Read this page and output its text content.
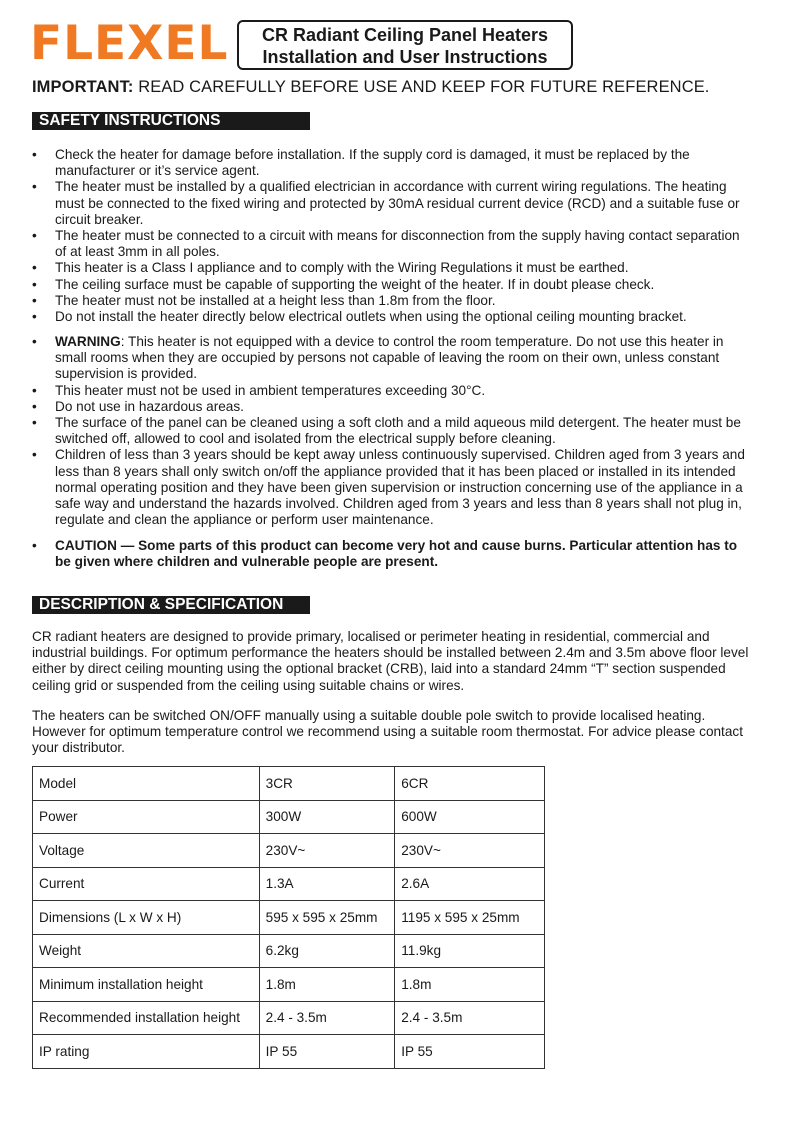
FLEXEL	CR Radiant Ceiling Panel Heaters
Installation and User Instructions
IMPORTANT: READ CAREFULLY BEFORE USE AND KEEP FOR FUTURE REFERENCE.
SAFETY INSTRUCTIONS
• Check the heater for damage before installation. If the supply cord is damaged, it must be replaced by the manufacturer or it’s service agent.
• The heater must be installed by a qualified electrician in accordance with current wiring regulations. The heating must be connected to the fixed wiring and protected by 30mA residual current device (RCD) and a suitable fuse or circuit breaker.
• The heater must be connected to a circuit with means for disconnection from the supply having contact separation of at least 3mm in all poles.
• This heater is a Class I appliance and to comply with the Wiring Regulations it must be earthed.
• The ceiling surface must be capable of supporting the weight of the heater. If in doubt please check.
• The heater must not be installed at a height less than 1.8m from the floor.
• Do not install the heater directly below electrical outlets when using the optional ceiling mounting bracket.
• WARNING: This heater is not equipped with a device to control the room temperature. Do not use this heater in small rooms when they are occupied by persons not capable of leaving the room on their own, unless constant supervision is provided.
• This heater must not be used in ambient temperatures exceeding 30°C.
• Do not use in hazardous areas.
• The surface of the panel can be cleaned using a soft cloth and a mild aqueous mild detergent. The heater must be switched off, allowed to cool and isolated from the electrical supply before cleaning.
• Children of less than 3 years should be kept away unless continuously supervised. Children aged from 3 years and less than 8 years shall only switch on/off the appliance provided that it has been placed or installed in its intended normal operating position and they have been given supervision or instruction concerning use of the appliance in a safe way and understand the hazards involved. Children aged from 3 years and less than 8 years shall not plug in, regulate and clean the appliance or perform user maintenance.
• CAUTION — Some parts of this product can become very hot and cause burns. Particular attention has to be given where children and vulnerable people are present.
DESCRIPTION & SPECIFICATION

CR radiant heaters are designed to provide primary, localised or perimeter heating in residential, commercial and industrial buildings. For optimum performance the heaters should be installed between 2.4m and 3.5m above floor level either by direct ceiling mounting using the optional bracket (CRB), laid into a standard 24mm “T” section suspended ceiling grid or suspended from the ceiling using suitable chains or wires.

The heaters can be switched ON/OFF manually using a suitable double pole switch to provide localised heating. However for optimum temperature control we recommend using a suitable room thermostat. For advice please contact your distributor.

Model	3CR	6CR
Power	300W	600W
Voltage	230V~	230V~
Current	1.3A	2.6A
Dimensions (L x W x H)	595 x 595 x 25mm	1195 x 595 x 25mm
Weight	6.2kg	11.9kg
Minimum installation height	1.8m	1.8m
Recommended installation height	2.4 - 3.5m	2.4 - 3.5m
IP rating	IP 55	IP 55
